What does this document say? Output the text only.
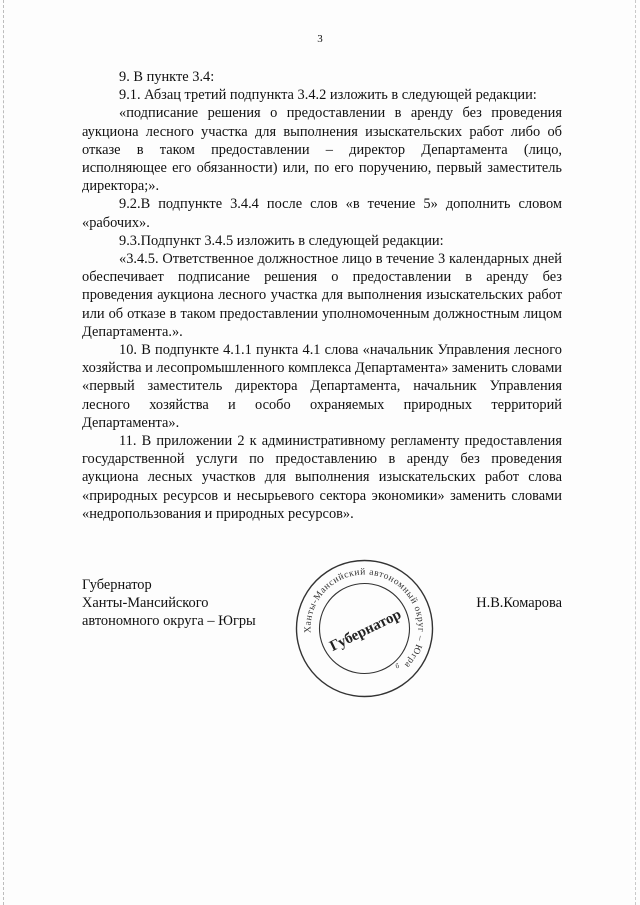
3

9. В пункте 3.4:

9.1. Абзац третий подпункта 3.4.2 изложить в следующей редакции:

«подписание решения о предоставлении в аренду без проведения аукциона лесного участка для выполнения изыскательских работ либо об отказе в таком предоставлении – директор Департамента (лицо, исполняющее его обязанности) или, по его поручению, первый заместитель директора;».

9.2.В подпункте 3.4.4 после слов «в течение 5» дополнить словом «рабочих».

9.3.Подпункт 3.4.5 изложить в следующей редакции:

«3.4.5. Ответственное должностное лицо в течение 3 календарных дней обеспечивает подписание решения о предоставлении в аренду без проведения аукциона лесного участка для выполнения изыскательских работ или об отказе в таком предоставлении уполномоченным должностным лицом Департамента.».

10. В подпункте 4.1.1 пункта 4.1 слова «начальник Управления лесного хозяйства и лесопромышленного комплекса Департамента» заменить словами «первый заместитель директора Департамента, начальник Управления лесного хозяйства и особо охраняемых природных территорий Департамента».

11. В приложении 2 к административному регламенту предоставления государственной услуги по предоставлению в аренду без проведения аукциона лесных участков для выполнения изыскательских работ слова «природных ресурсов и несырьевого сектора экономики» заменить словами «недропользования и природных ресурсов».

Губернатор
Ханты-Мансийского
автономного округа – Югры	Ханты-Мансийский автономный округ – Югра
Губернатор
б
Н.В.Комарова
